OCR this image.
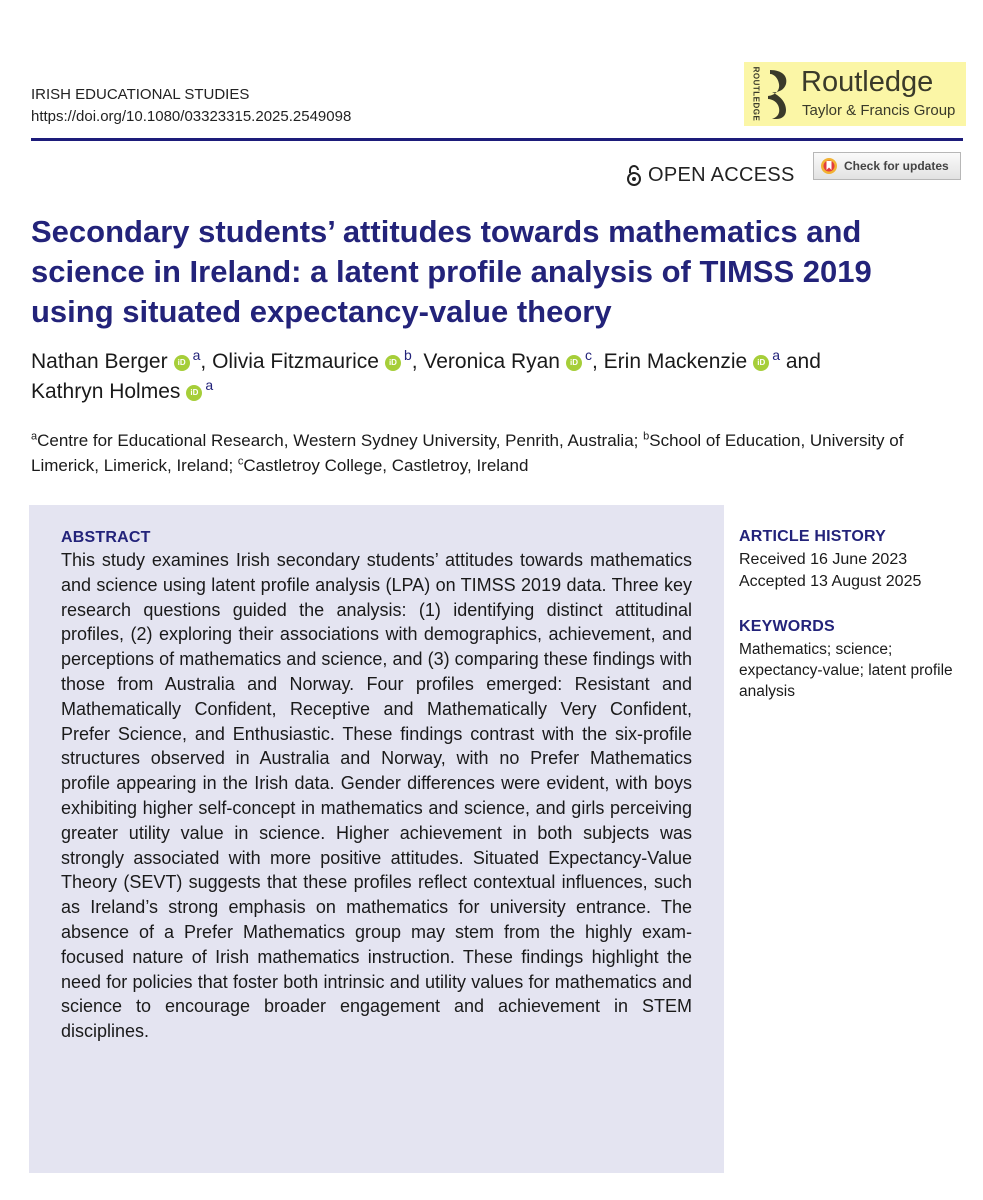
IRISH EDUCATIONAL STUDIES
https://doi.org/10.1080/03323315.2025.2549098	ROUTLEDGE Routledge
Taylor & Francis Group
OPEN ACCESS	Check for updates
Secondary students’ attitudes towards mathematics and science in Ireland: a latent profile analysis of TIMSS 2019 using situated expectancy-value theory
Nathan Berger iD $^a$, Olivia Fitzmaurice iD $^b$, Veronica Ryan iD $^c$, Erin Mackenzie iD $^a$ and Kathryn Holmes iD $^a$
$^a$Centre for Educational Research, Western Sydney University, Penrith, Australia; $^b$School of Education, University of Limerick, Limerick, Ireland; $^c$Castletroy College, Castletroy, Ireland
ABSTRACT

This study examines Irish secondary students’ attitudes towards mathematics and science using latent profile analysis (LPA) on TIMSS 2019 data. Three key research questions guided the analysis: (1) identifying distinct attitudinal profiles, (2) exploring their associations with demographics, achievement, and perceptions of mathematics and science, and (3) comparing these findings with those from Australia and Norway. Four profiles emerged: Resistant and Mathematically Confident, Receptive and Mathematically Very Confident, Prefer Science, and Enthusiastic. These findings contrast with the six-profile structures observed in Australia and Norway, with no Prefer Mathematics profile appearing in the Irish data. Gender differences were evident, with boys exhibiting higher self-concept in mathematics and science, and girls perceiving greater utility value in science. Higher achievement in both subjects was strongly associated with more positive attitudes. Situated Expectancy-Value Theory (SEVT) suggests that these profiles reflect contextual influences, such as Ireland’s strong emphasis on mathematics for university entrance. The absence of a Prefer Mathematics group may stem from the highly exam-focused nature of Irish mathematics instruction. These findings highlight the need for policies that foster both intrinsic and utility values for mathematics and science to encourage broader engagement and achievement in STEM disciplines.

ARTICLE HISTORY
Received 16 June 2023
Accepted 13 August 2025
KEYWORDS
Mathematics; science; expectancy-value; latent profile analysis
